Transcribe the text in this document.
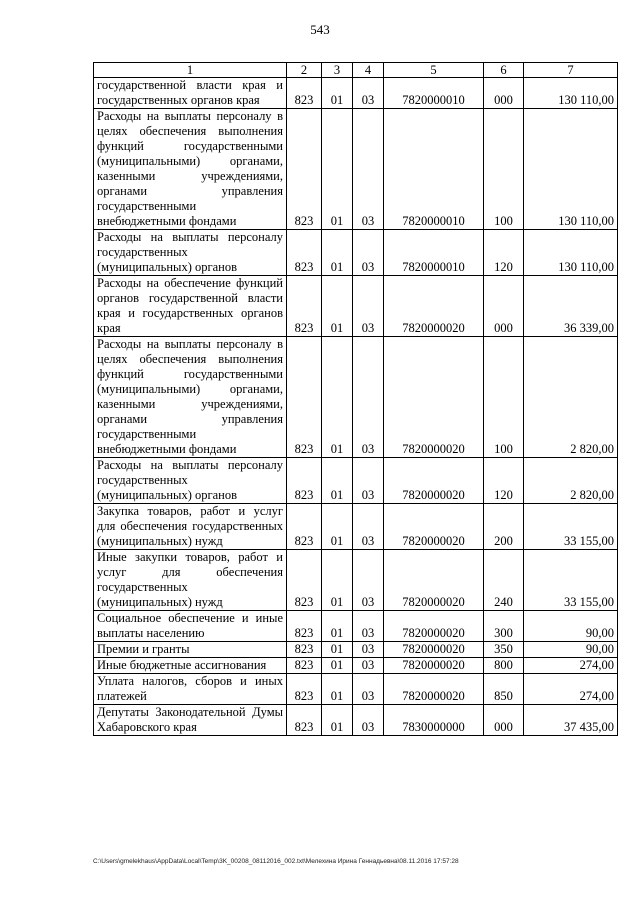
543
1	2	3	4	5	6	7
государственной власти края и государственных органов края	823	01	03	7820000010	000	130 110,00
Расходы на выплаты персоналу в целях обеспечения выполнения функций государственными (муниципальными) органами, казенными учреждениями, органами управления государственными внебюджетными фондами	823	01	03	7820000010	100	130 110,00
Расходы на выплаты персоналу государственных (муниципальных) органов	823	01	03	7820000010	120	130 110,00
Расходы на обеспечение функций органов государственной власти края и государственных органов края	823	01	03	7820000020	000	36 339,00
Расходы на выплаты персоналу в целях обеспечения выполнения функций государственными (муниципальными) органами, казенными учреждениями, органами управления государственными внебюджетными фондами	823	01	03	7820000020	100	2 820,00
Расходы на выплаты персоналу государственных (муниципальных) органов	823	01	03	7820000020	120	2 820,00
Закупка товаров, работ и услуг для обеспечения государственных (муниципальных) нужд	823	01	03	7820000020	200	33 155,00
Иные закупки товаров, работ и услуг для обеспечения государственных (муниципальных) нужд	823	01	03	7820000020	240	33 155,00
Социальное обеспечение и иные выплаты населению	823	01	03	7820000020	300	90,00
Премии и гранты	823	01	03	7820000020	350	90,00
Иные бюджетные ассигнования	823	01	03	7820000020	800	274,00
Уплата налогов, сборов и иных платежей	823	01	03	7820000020	850	274,00
Депутаты Законодательной Думы Хабаровского края	823	01	03	7830000000	000	37 435,00
C:\Users\gmelekhaus\AppData\Local\Temp\3K_00208_08112016_002.txt\Мелехина Ирина Геннадьевна\08.11.2016 17:57:28
